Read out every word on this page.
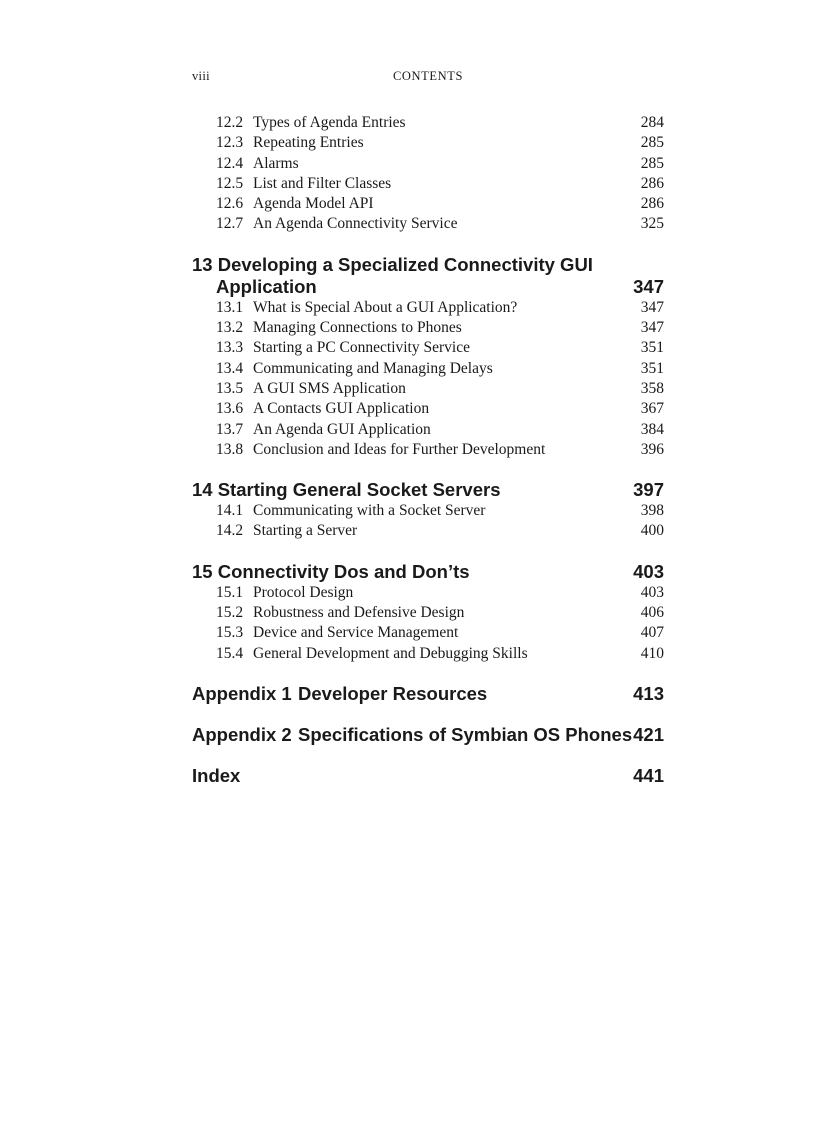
viii	CONTENTS
12.2 Types of Agenda Entries	284
12.3 Repeating Entries	285
12.4 Alarms	285
12.5 List and Filter Classes	286
12.6 Agenda Model API	286
12.7 An Agenda Connectivity Service	325
13 Developing a Specialized Connectivity GUI
Application	347
13.1 What is Special About a GUI Application?	347
13.2 Managing Connections to Phones	347
13.3 Starting a PC Connectivity Service	351
13.4 Communicating and Managing Delays	351
13.5 A GUI SMS Application	358
13.6 A Contacts GUI Application	367
13.7 An Agenda GUI Application	384
13.8 Conclusion and Ideas for Further Development	396
14 Starting General Socket Servers	397
14.1 Communicating with a Socket Server	398
14.2 Starting a Server	400
15 Connectivity Dos and Don’ts	403
15.1 Protocol Design	403
15.2 Robustness and Defensive Design	406
15.3 Device and Service Management	407
15.4 General Development and Debugging Skills	410
Appendix 1 Developer Resources	413
Appendix 2 Specifications of Symbian OS Phones 421
Index	441
